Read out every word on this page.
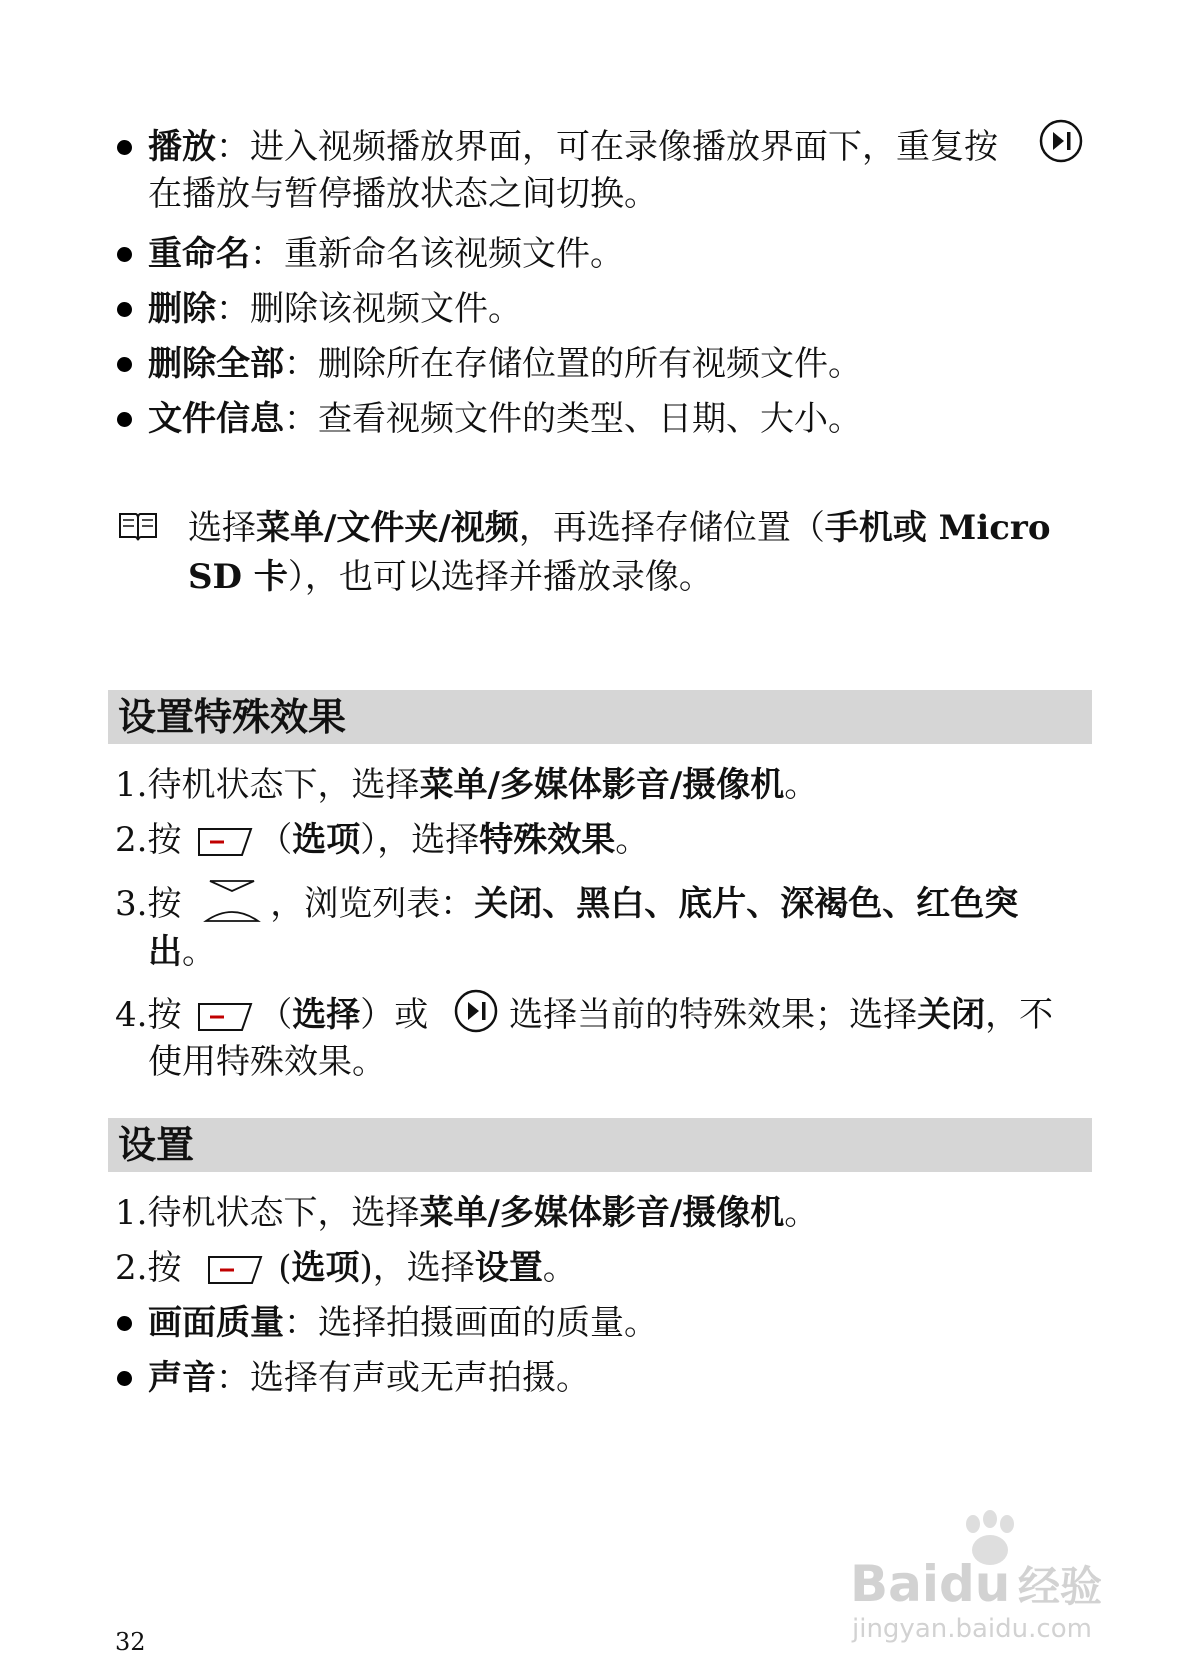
播放：进入视频播放界面，可在录像播放界面下，重复按
在播放与暂停播放状态之间切换。
重命名：重新命名该视频文件。
删除：删除该视频文件。
删除全部：删除所在存储位置的所有视频文件。
文件信息：查看视频文件的类型、日期、大小。
选择菜单/文件夹/视频，再选择存储位置（手机或 Micro
SD 卡），也可以选择并播放录像。
设置特殊效果
1.待机状态下，选择菜单/多媒体影音/摄像机。
2.按 （选项），选择特殊效果。
3.按	，浏览列表：关闭、黑白、底片、深褐色、红色突
出。
4.按 （选择）或 选择当前的特殊效果；选择关闭，不
使用特殊效果。
设置
1.待机状态下，选择菜单/多媒体影音/摄像机。
2.按	(选项)，选择设置。
画面质量：选择拍摄画面的质量。
声音：选择有声或无声拍摄。
32
Baidu 经验
jingyan.baidu.com
